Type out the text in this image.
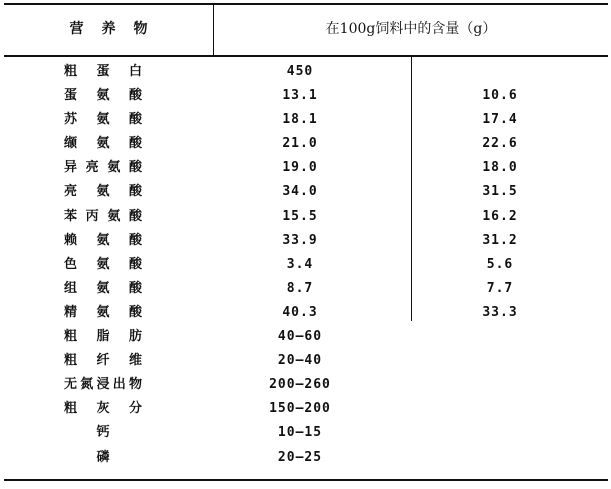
营养物	在100g饲料中的含量（g）
粗蛋白	450
蛋氨酸	13.1	10.6
苏氨酸	18.1	17.4
缬氨酸	21.0	22.6
异亮氨酸	19.0	18.0
亮氨酸	34.0	31.5
苯丙氨酸	15.5	16.2
赖氨酸	33.9	31.2
色氨酸	3.4	5.6
组氨酸	8.7	7.7
精氨酸	40.3	33.3
粗脂肪	40—60
粗纤维	20—40
无氮浸出物	200—260
粗灰分	150—200
钙	10—15
磷	20—25
